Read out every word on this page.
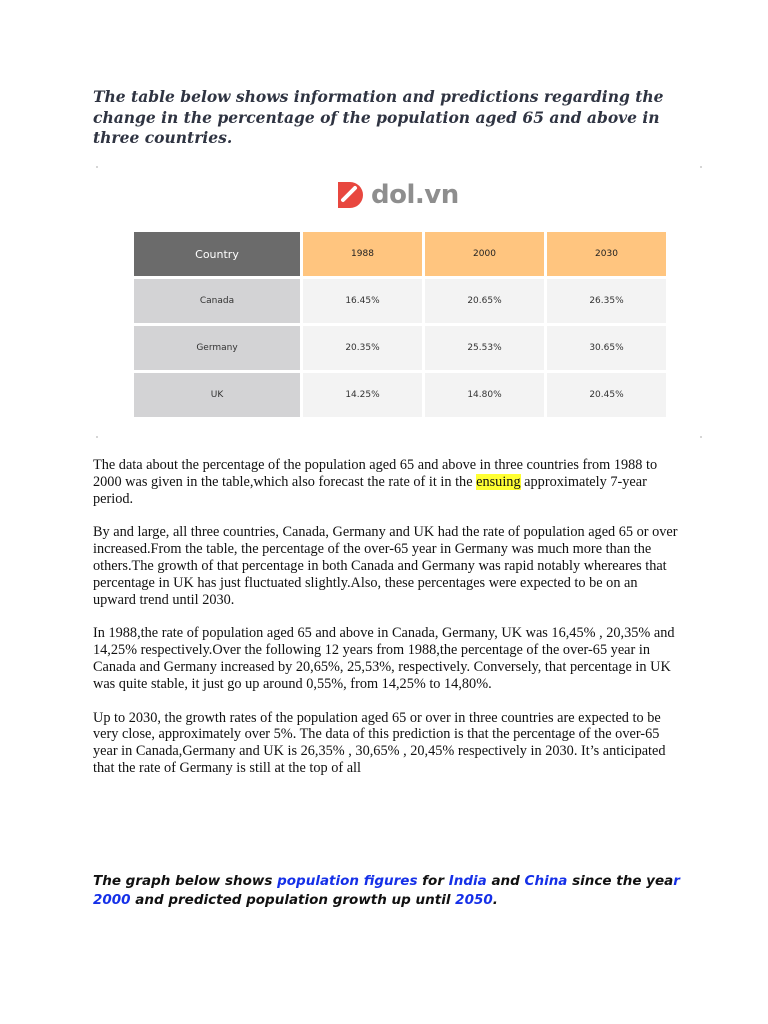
The table below shows information and predictions regarding the change in the percentage of the population aged 65 and above in three countries.

dol.vn
Country	1988	2000	2030
Canada	16.45%	20.65%	26.35%
Germany	20.35%	25.53%	30.65%
UK	14.25%	14.80%	20.45%

The data about the percentage of the population aged 65 and above in three countries from 1988 to 2000 was given in the table,which also forecast the rate of it in the ensuing approximately 7-year period.

By and large, all three countries, Canada, Germany and UK had the rate of population aged 65 or over increased.From the table, the percentage of the over-65 year in Germany was much more than the others.The growth of that percentage in both Canada and Germany was rapid notably whereares that percentage in UK has just fluctuated slightly.Also, these percentages were expected to be on an upward trend until 2030.

In 1988,the rate of population aged 65 and above in Canada, Germany, UK was 16,45% , 20,35% and 14,25% respectively.Over the following 12 years from 1988,the percentage of the over-65 year in Canada and Germany increased by 20,65%, 25,53%, respectively. Conversely, that percentage in UK was quite stable, it just go up around 0,55%, from 14,25% to 14,80%.

Up to 2030, the growth rates of the population aged 65 or over in three countries are expected to be very close, approximately over 5%. The data of this prediction is that the percentage of the over-65 year in Canada,Germany and UK is 26,35% , 30,65% , 20,45% respectively in 2030. It’s anticipated that the rate of Germany is still at the top of all

The graph below shows population figures for India and China since the year 2000 and predicted population growth up until 2050.
